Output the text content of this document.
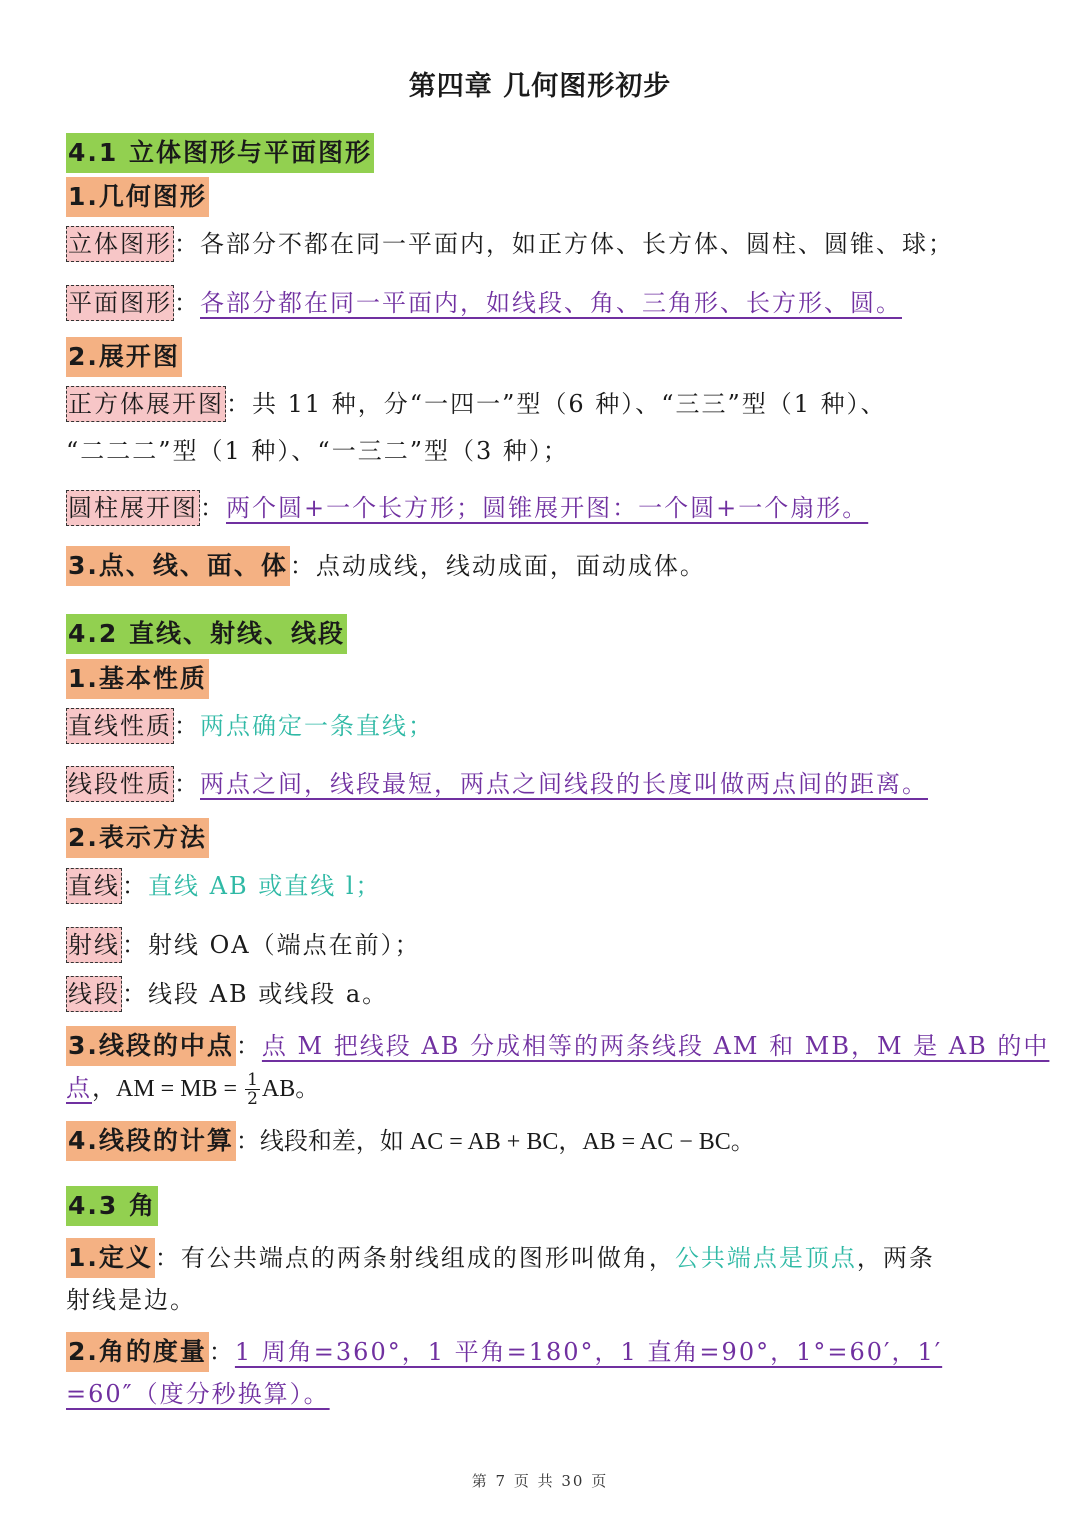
第四章 几何图形初步
4.1 立体图形与平面图形
1.几何图形
立体图形：各部分不都在同一平面内，如正方体、长方体、圆柱、圆锥、球；
平面图形：各部分都在同一平面内，如线段、角、三角形、长方形、圆。
2.展开图
正方体展开图：共 11 种，分“一四一”型（6 种）、“三三”型（1 种）、
“二二二”型（1 种）、“一三二”型（3 种）；
圆柱展开图：两个圆+一个长方形；圆锥展开图：一个圆+一个扇形。
3.点、线、面、体：点动成线，线动成面，面动成体。
4.2 直线、射线、线段
1.基本性质
直线性质：两点确定一条直线；
线段性质：两点之间，线段最短，两点之间线段的长度叫做两点间的距离。
2.表示方法
直线：直线 AB 或直线 l；
射线：射线 OA（端点在前）；
线段：线段 AB 或线段 a。
3.线段的中点：点 M 把线段 AB 分成相等的两条线段 AM 和 MB，M 是 AB 的中
点，AM = MB = $\frac{1}{2}$ AB。
4.线段的计算：线段和差，如 AC = AB + BC，AB = AC − BC。
4.3 角
1.定义：有公共端点的两条射线组成的图形叫做角，公共端点是顶点，两条
射线是边。
2.角的度量：1 周角=360°，1 平角=180°，1 直角=90°，1°=60′，1′
=60″（度分秒换算）。
第 7 页 共 30 页
